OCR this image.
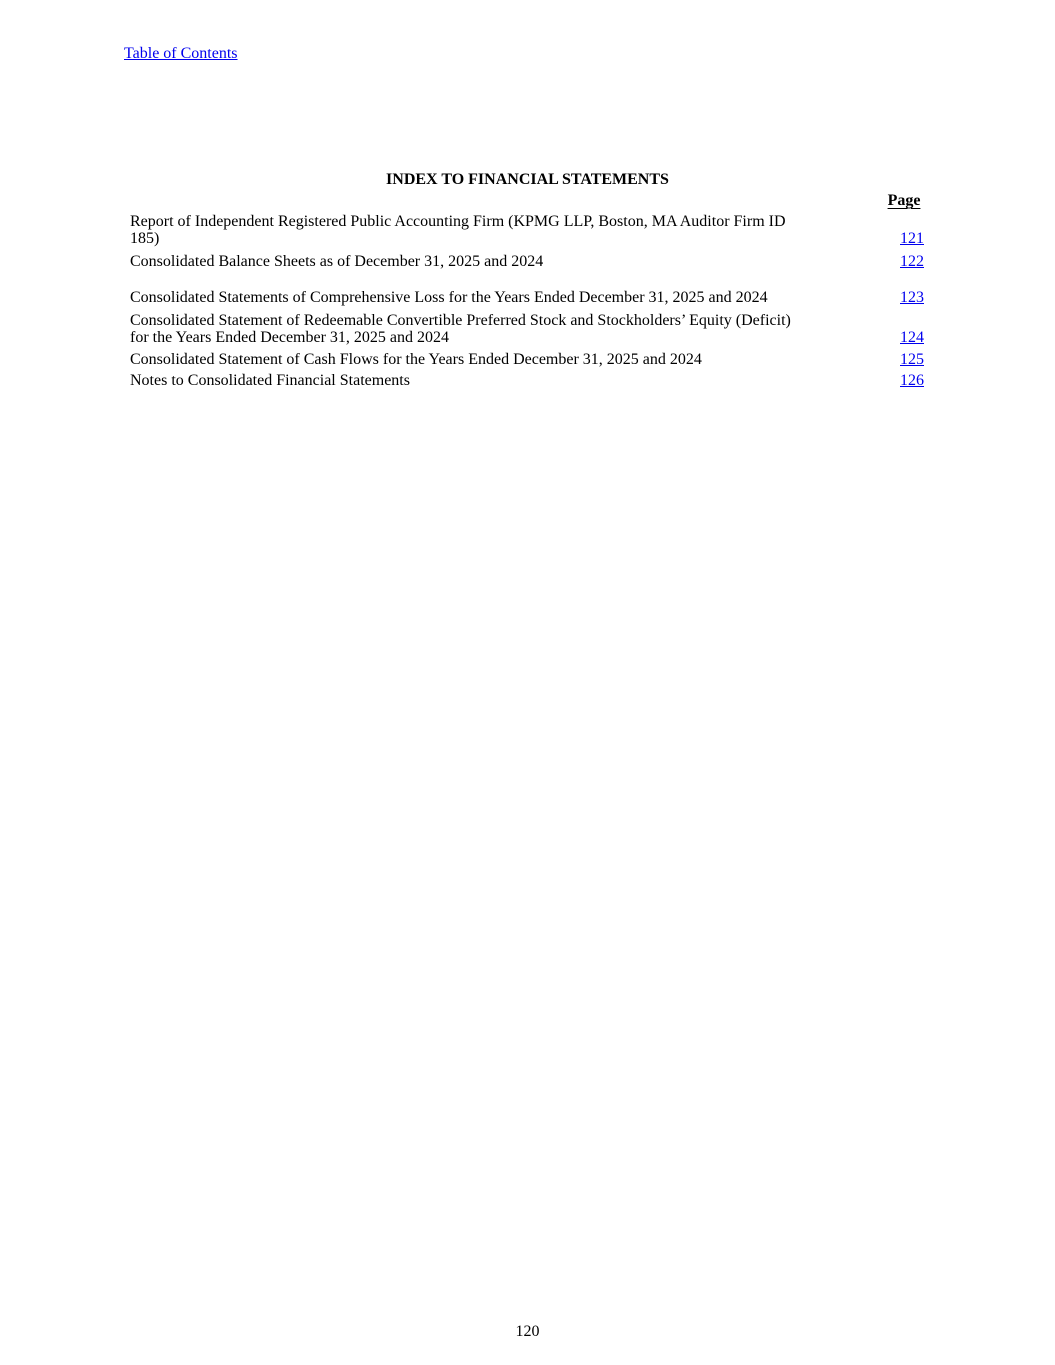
Table of Contents
INDEX TO FINANCIAL STATEMENTS
Page
Report of Independent Registered Public Accounting Firm (KPMG LLP, Boston, MA Auditor Firm ID
185)	121
Consolidated Balance Sheets as of December 31, 2025 and 2024	122
Consolidated Statements of Comprehensive Loss for the Years Ended December 31, 2025 and 2024	123
Consolidated Statement of Redeemable Convertible Preferred Stock and Stockholders’ Equity (Deficit)
for the Years Ended December 31, 2025 and 2024	124
Consolidated Statement of Cash Flows for the Years Ended December 31, 2025 and 2024	125
Notes to Consolidated Financial Statements	126
120
